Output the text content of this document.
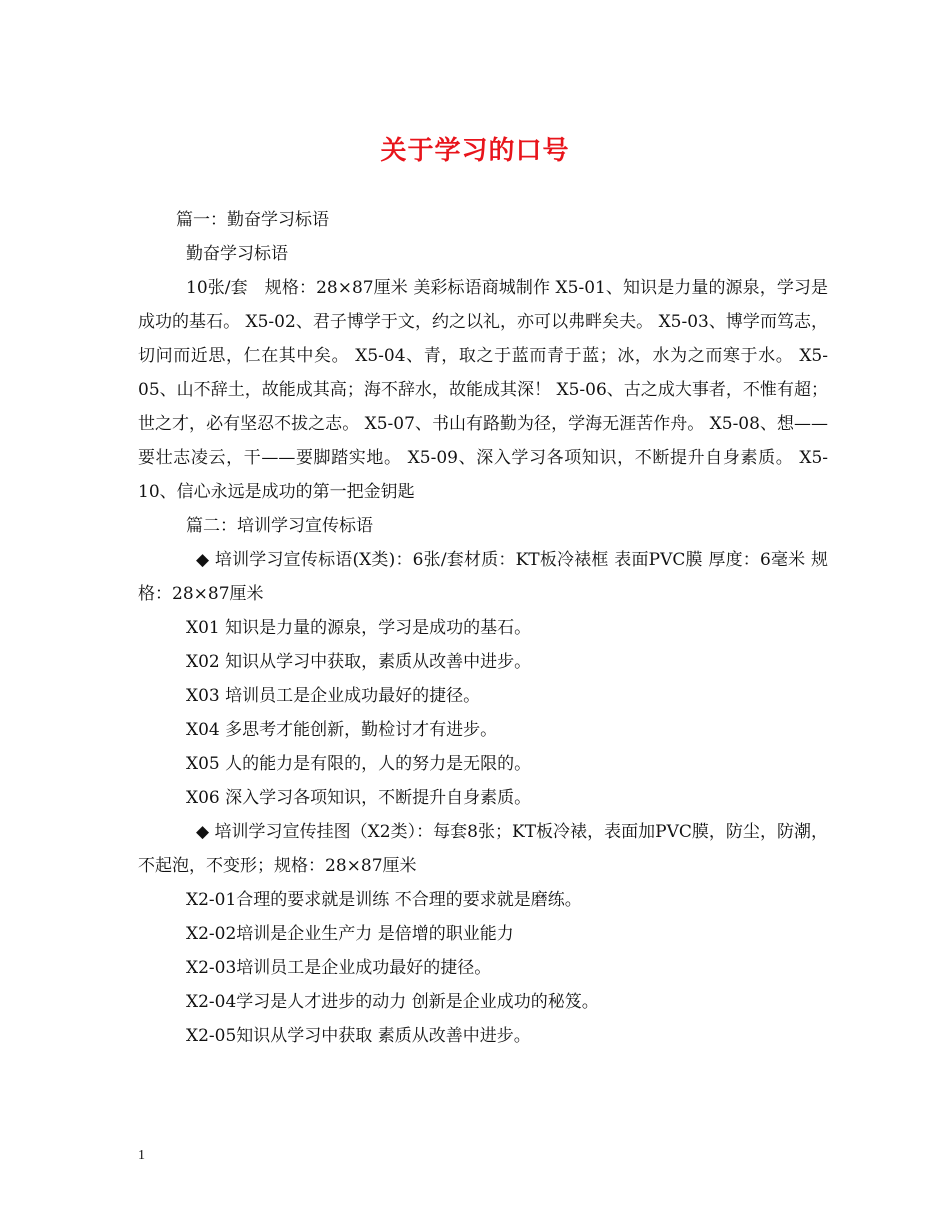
关于学习的口号

篇一：勤奋学习标语

勤奋学习标语

10张/套　规格：28×87厘米 美彩标语商城制作 X5-01、知识是力量的源泉，学习是成功的基石。 X5-02、君子博学于文，约之以礼，亦可以弗畔矣夫。 X5-03、博学而笃志，切问而近思，仁在其中矣。 X5-04、青，取之于蓝而青于蓝；冰，水为之而寒于水。 X5-05、山不辞土，故能成其高；海不辞水，故能成其深！ X5-06、古之成大事者，不惟有超；世之才，必有坚忍不拔之志。 X5-07、书山有路勤为径，学海无涯苦作舟。 X5-08、想——要壮志凌云，干——要脚踏实地。 X5-09、深入学习各项知识，不断提升自身素质。 X5-10、信心永远是成功的第一把金钥匙

篇二：培训学习宣传标语

◆ 培训学习宣传标语(X类)：6张/套材质：KT板冷裱框 表面PVC膜 厚度：6毫米 规格：28×87厘米

X01 知识是力量的源泉，学习是成功的基石。

X02 知识从学习中获取，素质从改善中进步。

X03 培训员工是企业成功最好的捷径。

X04 多思考才能创新，勤检讨才有进步。

X05 人的能力是有限的，人的努力是无限的。

X06 深入学习各项知识，不断提升自身素质。

◆ 培训学习宣传挂图（X2类）：每套8张；KT板冷裱，表面加PVC膜，防尘，防潮，不起泡，不变形；规格：28×87厘米

X2-01合理的要求就是训练 不合理的要求就是磨练。

X2-02培训是企业生产力 是倍增的职业能力

X2-03培训员工是企业成功最好的捷径。

X2-04学习是人才进步的动力 创新是企业成功的秘笈。

X2-05知识从学习中获取 素质从改善中进步。

1
